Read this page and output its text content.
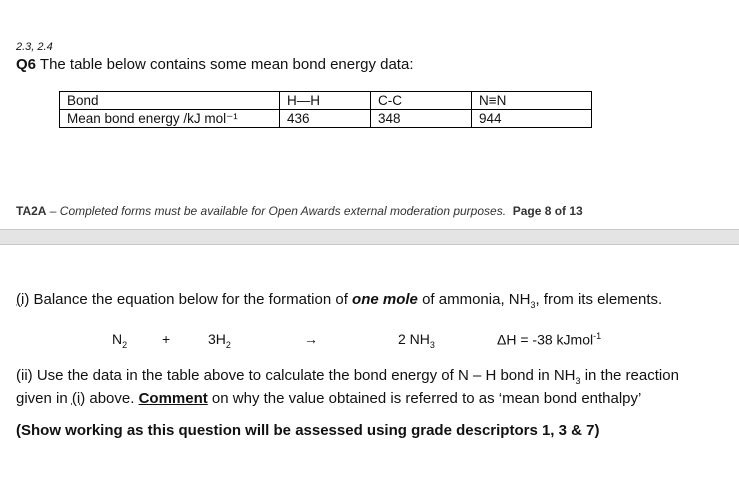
2.3, 2.4
Q6 The table below contains some mean bond energy data:
Bond	H—H	C-C	N≡N
Mean bond energy /kJ mol⁻¹	436	348	944
TA2A – Completed forms must be available for Open Awards external moderation purposes. Page 8 of 13
(i) Balance the equation below for the formation of one mole of ammonia, $NH_3$, from its elements.
$N_2$ +	$3H_2$	→	2 $NH_3$	ΔH = -38 kJmol$^{-1}$
(ii) Use the data in the table above to calculate the bond energy of N – H bond in $NH_3$ in the reaction given in (i) above. Comment on why the value obtained is referred to as ‘mean bond enthalpy’
(Show working as this question will be assessed using grade descriptors 1, 3 & 7)
